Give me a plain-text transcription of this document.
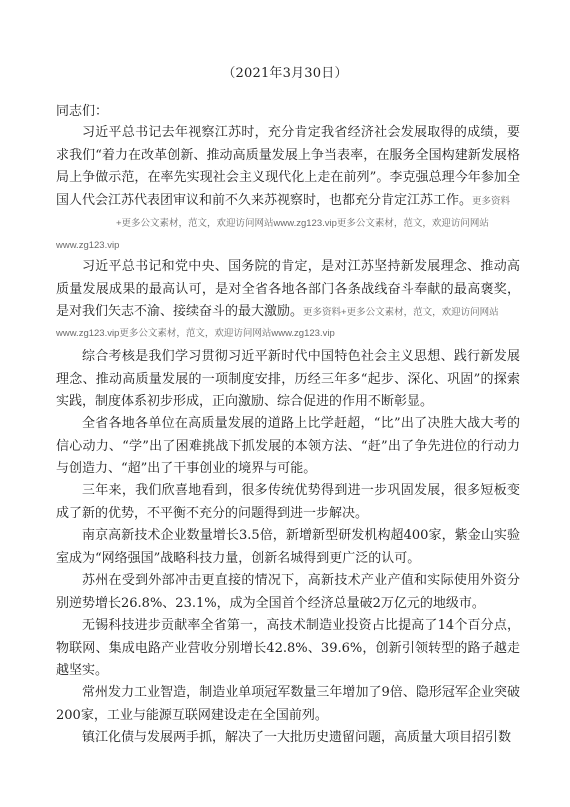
（2021年3月30日）
同志们：

习近平总书记去年视察江苏时，充分肯定我省经济社会发展取得的成绩，要求我们“着力在改革创新、推动高质量发展上争当表率，在服务全国构建新发展格局上争做示范，在率先实现社会主义现代化上走在前列”。李克强总理今年参加全国人代会江苏代表团审议和前不久来苏视察时，也都充分肯定江苏工作。更多资料

+更多公文素材，范文，欢迎访问网站www.zg123.vip更多公文素材，范文，欢迎访问网站
www.zg123.vip

习近平总书记和党中央、国务院的肯定，是对江苏坚持新发展理念、推动高质量发展成果的最高认可，是对全省各地各部门各条战线奋斗奉献的最高褒奖，是对我们矢志不渝、接续奋斗的最大激励。更多资料+更多公文素材，范文，欢迎访问网站

www.zg123.vip更多公文素材，范文，欢迎访问网站www.zg123.vip

综合考核是我们学习贯彻习近平新时代中国特色社会主义思想、践行新发展理念、推动高质量发展的一项制度安排，历经三年多“起步、深化、巩固”的探索实践，制度体系初步形成，正向激励、综合促进的作用不断彰显。

全省各地各单位在高质量发展的道路上比学赶超，“比”出了决胜大战大考的信心动力、“学”出了困难挑战下抓发展的本领方法、“赶”出了争先进位的行动力与创造力、“超”出了干事创业的境界与可能。

三年来，我们欣喜地看到，很多传统优势得到进一步巩固发展，很多短板变成了新的优势，不平衡不充分的问题得到进一步解决。

南京高新技术企业数量增长3.5倍，新增新型研发机构超400家，紫金山实验室成为“网络强国”战略科技力量，创新名城得到更广泛的认可。

苏州在受到外部冲击更直接的情况下，高新技术产业产值和实际使用外资分别逆势增长26.8%、23.1%，成为全国首个经济总量破2万亿元的地级市。

无锡科技进步贡献率全省第一，高技术制造业投资占比提高了14个百分点，物联网、集成电路产业营收分别增长42.8%、39.6%，创新引领转型的路子越走越坚实。

常州发力工业智造，制造业单项冠军数量三年增加了9倍、隐形冠军企业突破200家，工业与能源互联网建设走在全国前列。

镇江化债与发展两手抓，解决了一大批历史遗留问题，高质量大项目招引数
